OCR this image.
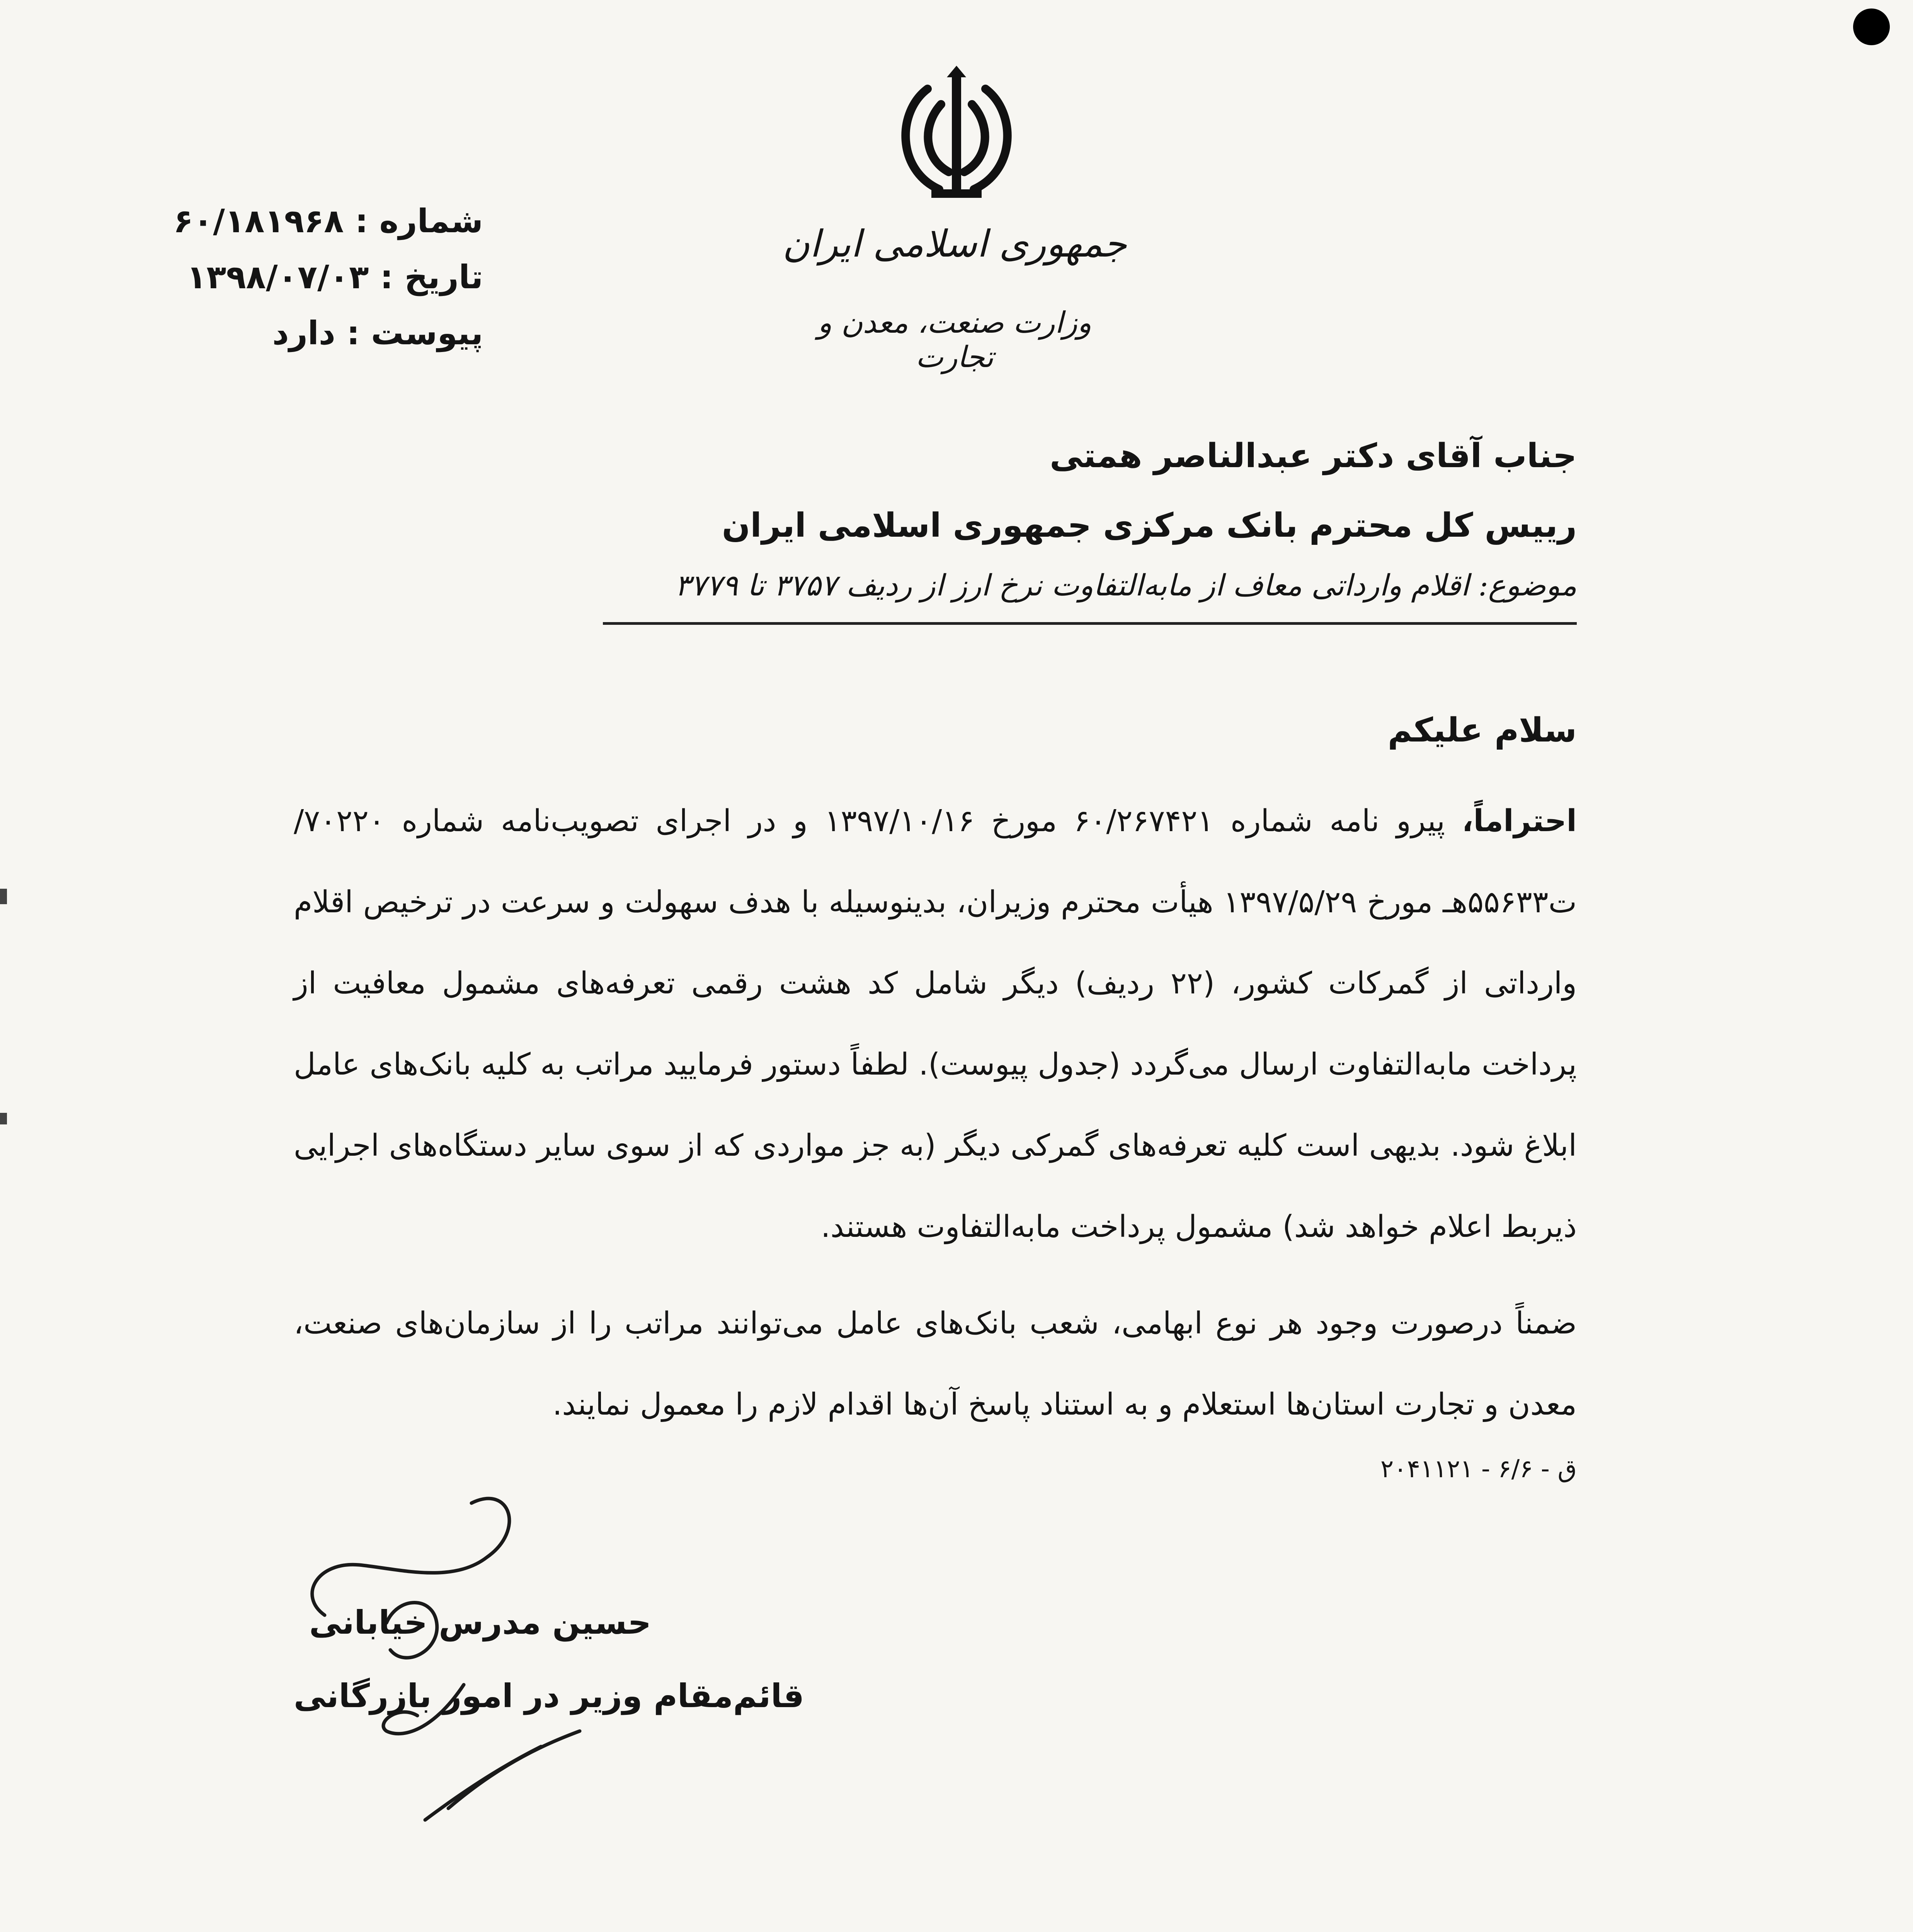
جمهوری اسلامی ایران
وزارت صنعت، معدن و تجارت
شماره : ۶۰/۱۸۱۹۶۸
تاریخ : ۱۳۹۸/۰۷/۰۳
پیوست : دارد
جناب آقای دکتر عبدالناصر همتی
رییس کل محترم بانک مرکزی جمهوری اسلامی ایران
موضوع: اقلام وارداتی معاف از مابه‌التفاوت نرخ ارز از ردیف ۳۷۵۷ تا ۳۷۷۹
سلام علیکم
احتراماً، پیرو نامه شماره ۶۰/۲۶۷۴۲۱ مورخ ۱۳۹۷/۱۰/۱۶ و در اجرای تصویب‌نامه شماره ۷۰۲۲۰/ت۵۵۶۳۳هـ مورخ ۱۳۹۷/۵/۲۹ هیأت محترم وزیران، بدینوسیله با هدف سهولت و سرعت در ترخیص اقلام وارداتی از گمرکات کشور، (۲۲ ردیف) دیگر شامل کد هشت رقمی تعرفه‌های مشمول معافیت از پرداخت مابه‌التفاوت ارسال می‌گردد (جدول پیوست). لطفاً دستور فرمایید مراتب به کلیه بانک‌های عامل ابلاغ شود. بدیهی است کلیه تعرفه‌های گمرکی دیگر (به جز مواردی که از سوی سایر دستگاه‌های اجرایی ذیربط اعلام خواهد شد) مشمول پرداخت مابه‌التفاوت هستند.
ضمناً درصورت وجود هر نوع ابهامی، شعب بانک‌های عامل می‌توانند مراتب را از سازمان‌های صنعت، معدن و تجارت استان‌ها استعلام و به استناد پاسخ آن‌ها اقدام لازم را معمول نمایند.
ق - ۶/۶ - ۲۰۴۱۱۲۱
حسین مدرس خیابانی
قائم‌مقام وزیر در امور بازرگانی
